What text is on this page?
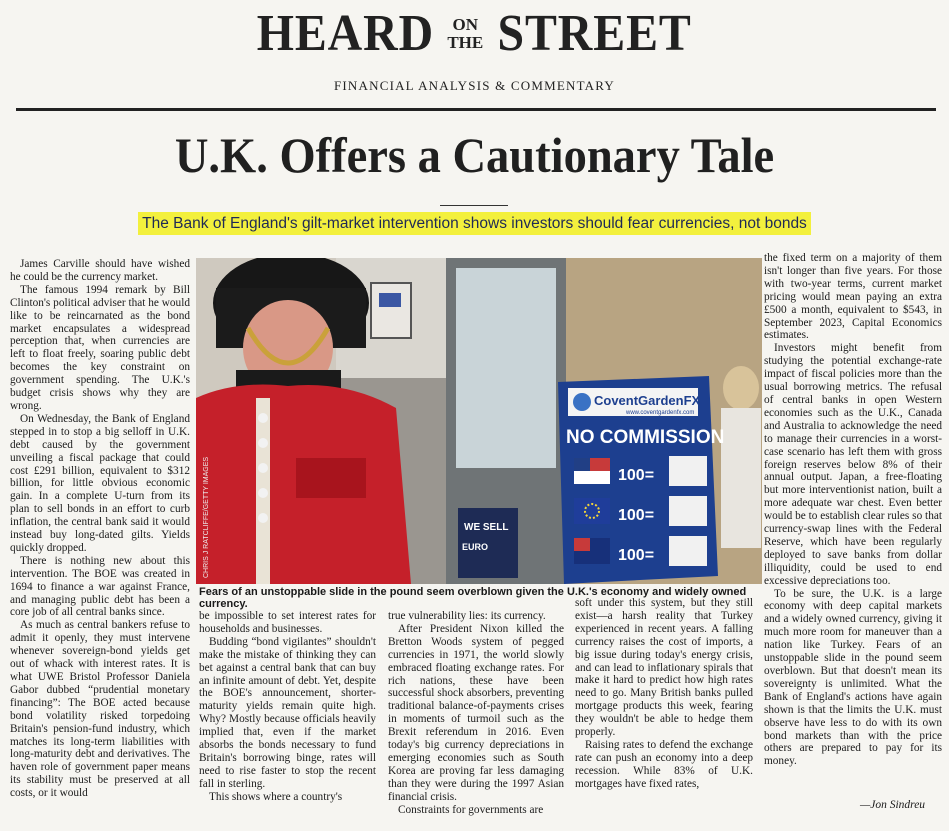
HEARD ON
THE STREET
FINANCIAL ANALYSIS & COMMENTARY
U.K. Offers a Cautionary Tale
The Bank of England's gilt-market intervention shows investors should fear currencies, not bonds

James Carville should have wished he could be the currency market.

The famous 1994 remark by Bill Clinton's political adviser that he would like to be reincarnated as the bond market encapsulates a widespread perception that, when currencies are left to float freely, soaring public debt becomes the key constraint on government spending. The U.K.'s budget crisis shows why they are wrong.

On Wednesday, the Bank of England stepped in to stop a big selloff in U.K. debt caused by the government unveiling a fiscal package that could cost £291 billion, equivalent to $312 billion, for little obvious economic gain. In a complete U-turn from its plan to sell bonds in an effort to curb inflation, the central bank said it would instead buy long-dated gilts. Yields quickly dropped.

There is nothing new about this intervention. The BOE was created in 1694 to finance a war against France, and managing public debt has been a core job of all central banks since.

As much as central bankers refuse to admit it openly, they must intervene whenever sovereign-bond yields get out of whack with interest rates. It is what UWE Bristol Professor Daniela Gabor dubbed “prudential monetary financing”: The BOE acted because bond volatility risked torpedoing Britain's pension-fund industry, which matches its long-term liabilities with long-maturity debt and derivatives. The haven role of government paper means its stability must be preserved at all costs, or it would

WE SELL
EURO
CoventGardenFX
www.coventgardenfx.com
NO COMMISSION
100=
100=
100=
CHRIS J RATCLIFFE/GETTY IMAGES
Fears of an unstoppable slide in the pound seem overblown given the U.K.'s economy and widely owned currency.

be impossible to set interest rates for households and businesses.

Budding “bond vigilantes” shouldn't make the mistake of thinking they can bet against a central bank that can buy an infinite amount of debt. Yet, despite the BOE's announcement, shorter-maturity yields remain quite high. Why? Mostly because officials heavily implied that, even if the market absorbs the bonds necessary to fund Britain's borrowing binge, rates will need to rise faster to stop the recent fall in sterling.

This shows where a country's

true vulnerability lies: its currency.

After President Nixon killed the Bretton Woods system of pegged currencies in 1971, the world slowly embraced floating exchange rates. For rich nations, these have been successful shock absorbers, preventing traditional balance-of-payments crises in moments of turmoil such as the Brexit referendum in 2016. Even today's big currency depreciations in emerging economies such as South Korea are proving far less damaging than they were during the 1997 Asian financial crisis.

Constraints for governments are

soft under this system, but they still exist—a harsh reality that Turkey experienced in recent years. A falling currency raises the cost of imports, a big issue during today's energy crisis, and can lead to inflationary spirals that make it hard to predict how high rates need to go. Many British banks pulled mortgage products this week, fearing they wouldn't be able to hedge them properly.

Raising rates to defend the exchange rate can push an economy into a deep recession. While 83% of U.K. mortgages have fixed rates,

the fixed term on a majority of them isn't longer than five years. For those with two-year terms, current market pricing would mean paying an extra £500 a month, equivalent to $543, in September 2023, Capital Economics estimates.

Investors might benefit from studying the potential exchange-rate impact of fiscal policies more than the usual borrowing metrics. The refusal of central banks in open Western economies such as the U.K., Canada and Australia to acknowledge the need to manage their currencies in a worst-case scenario has left them with gross foreign reserves below 8% of their annual output. Japan, a free-floating but more interventionist nation, built a more adequate war chest. Even better would be to establish clear rules so that currency-swap lines with the Federal Reserve, which have been regularly deployed to save banks from dollar illiquidity, could be used to end excessive depreciations too.

To be sure, the U.K. is a large economy with deep capital markets and a widely owned currency, giving it much more room for maneuver than a nation like Turkey. Fears of an unstoppable slide in the pound seem overblown. But that doesn't mean its sovereignty is unlimited. What the Bank of England's actions have again shown is that the limits the U.K. must observe have less to do with its own bond markets than with the price others are prepared to pay for its money.

—Jon Sindreu
